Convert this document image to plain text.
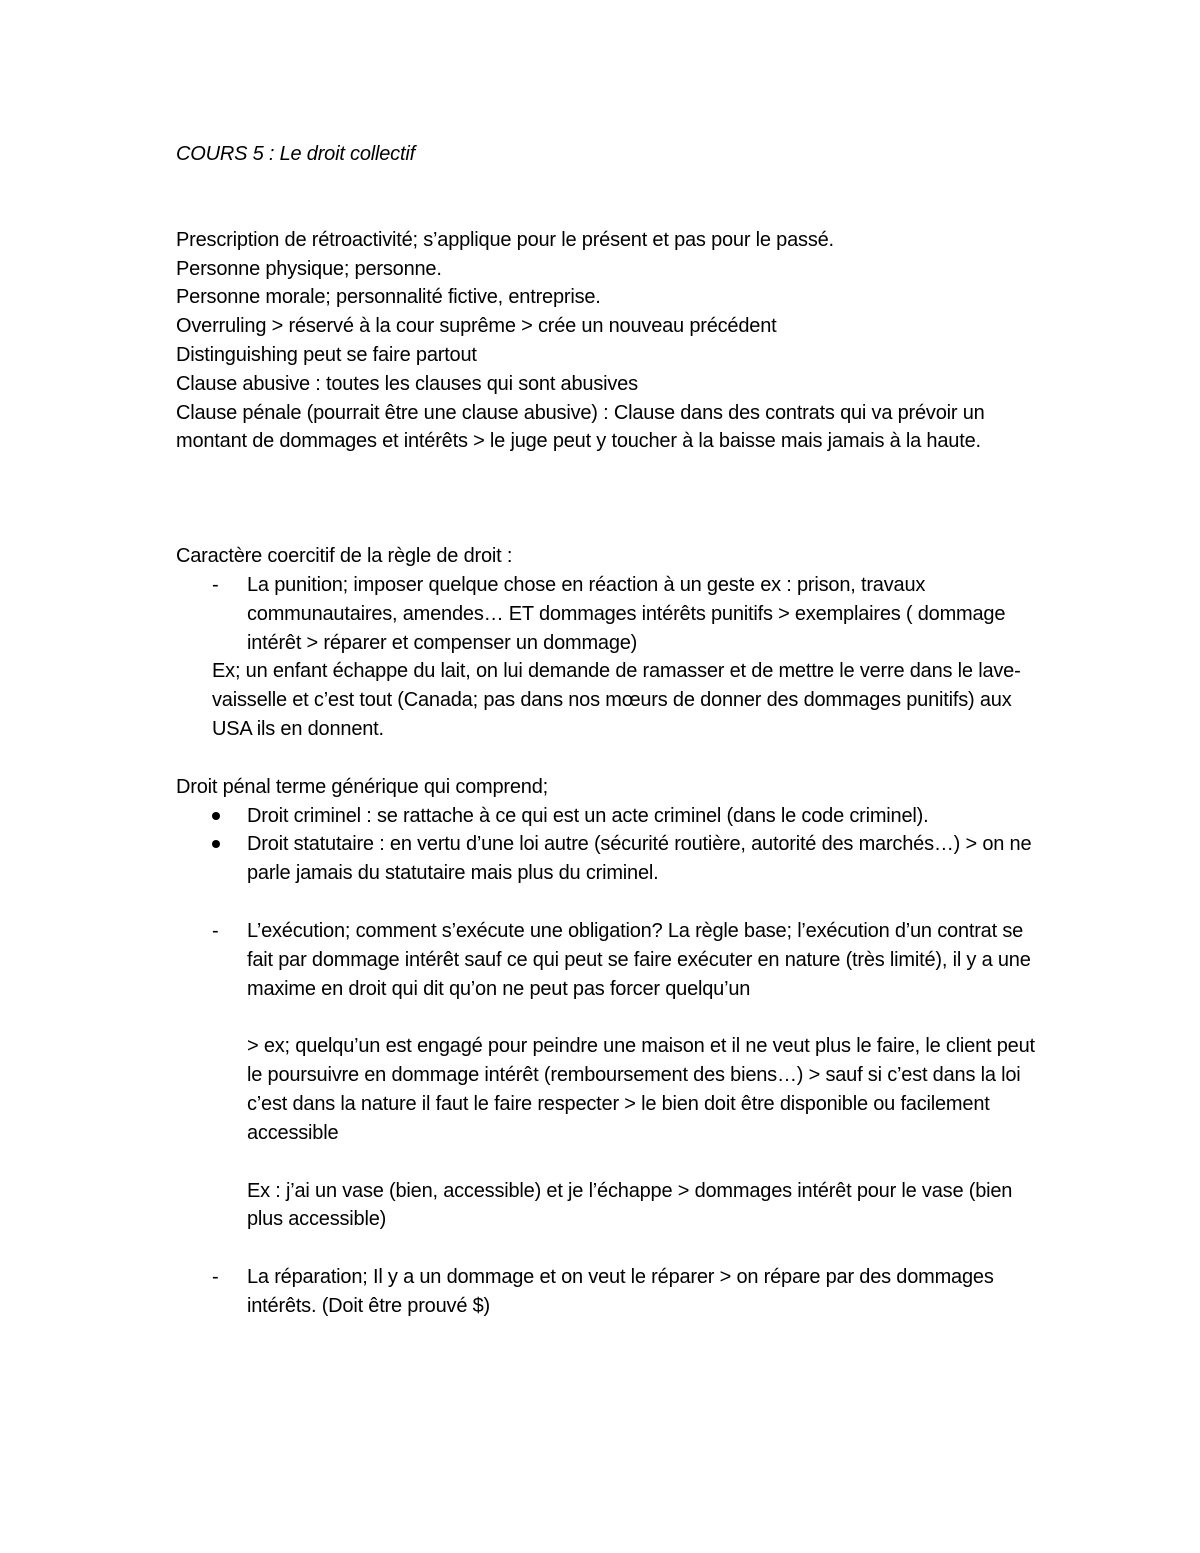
COURS 5 : Le droit collectif

Prescription de rétroactivité; s’applique pour le présent et pas pour le passé.

Personne physique; personne.

Personne morale; personnalité fictive, entreprise.

Overruling > réservé à la cour suprême > crée un nouveau précédent

Distinguishing peut se faire partout

Clause abusive : toutes les clauses qui sont abusives

Clause pénale (pourrait être une clause abusive) : Clause dans des contrats qui va prévoir un montant de dommages et intérêts > le juge peut y toucher à la baisse mais jamais à la haute.

Caractère coercitif de la règle de droit :

- La punition; imposer quelque chose en réaction à un geste ex : prison, travaux communautaires, amendes… ET dommages intérêts punitifs > exemplaires ( dommage intérêt > réparer et compenser un dommage)

Ex; un enfant échappe du lait, on lui demande de ramasser et de mettre le verre dans le lave-vaisselle et c’est tout (Canada; pas dans nos mœurs de donner des dommages punitifs) aux USA ils en donnent.

Droit pénal terme générique qui comprend;

Droit criminel : se rattache à ce qui est un acte criminel (dans le code criminel).
Droit statutaire : en vertu d’une loi autre (sécurité routière, autorité des marchés…) > on ne parle jamais du statutaire mais plus du criminel.
- L’exécution; comment s’exécute une obligation? La règle base; l’exécution d’un contrat se fait par dommage intérêt sauf ce qui peut se faire exécuter en nature (très limité), il y a une maxime en droit qui dit qu’on ne peut pas forcer quelqu’un

> ex; quelqu’un est engagé pour peindre une maison et il ne veut plus le faire, le client peut le poursuivre en dommage intérêt (remboursement des biens…) > sauf si c’est dans la loi c’est dans la nature il faut le faire respecter > le bien doit être disponible ou facilement accessible

Ex : j’ai un vase (bien, accessible) et je l’échappe > dommages intérêt pour le vase (bien plus accessible)

- La réparation; Il y a un dommage et on veut le réparer > on répare par des dommages intérêts. (Doit être prouvé $)
